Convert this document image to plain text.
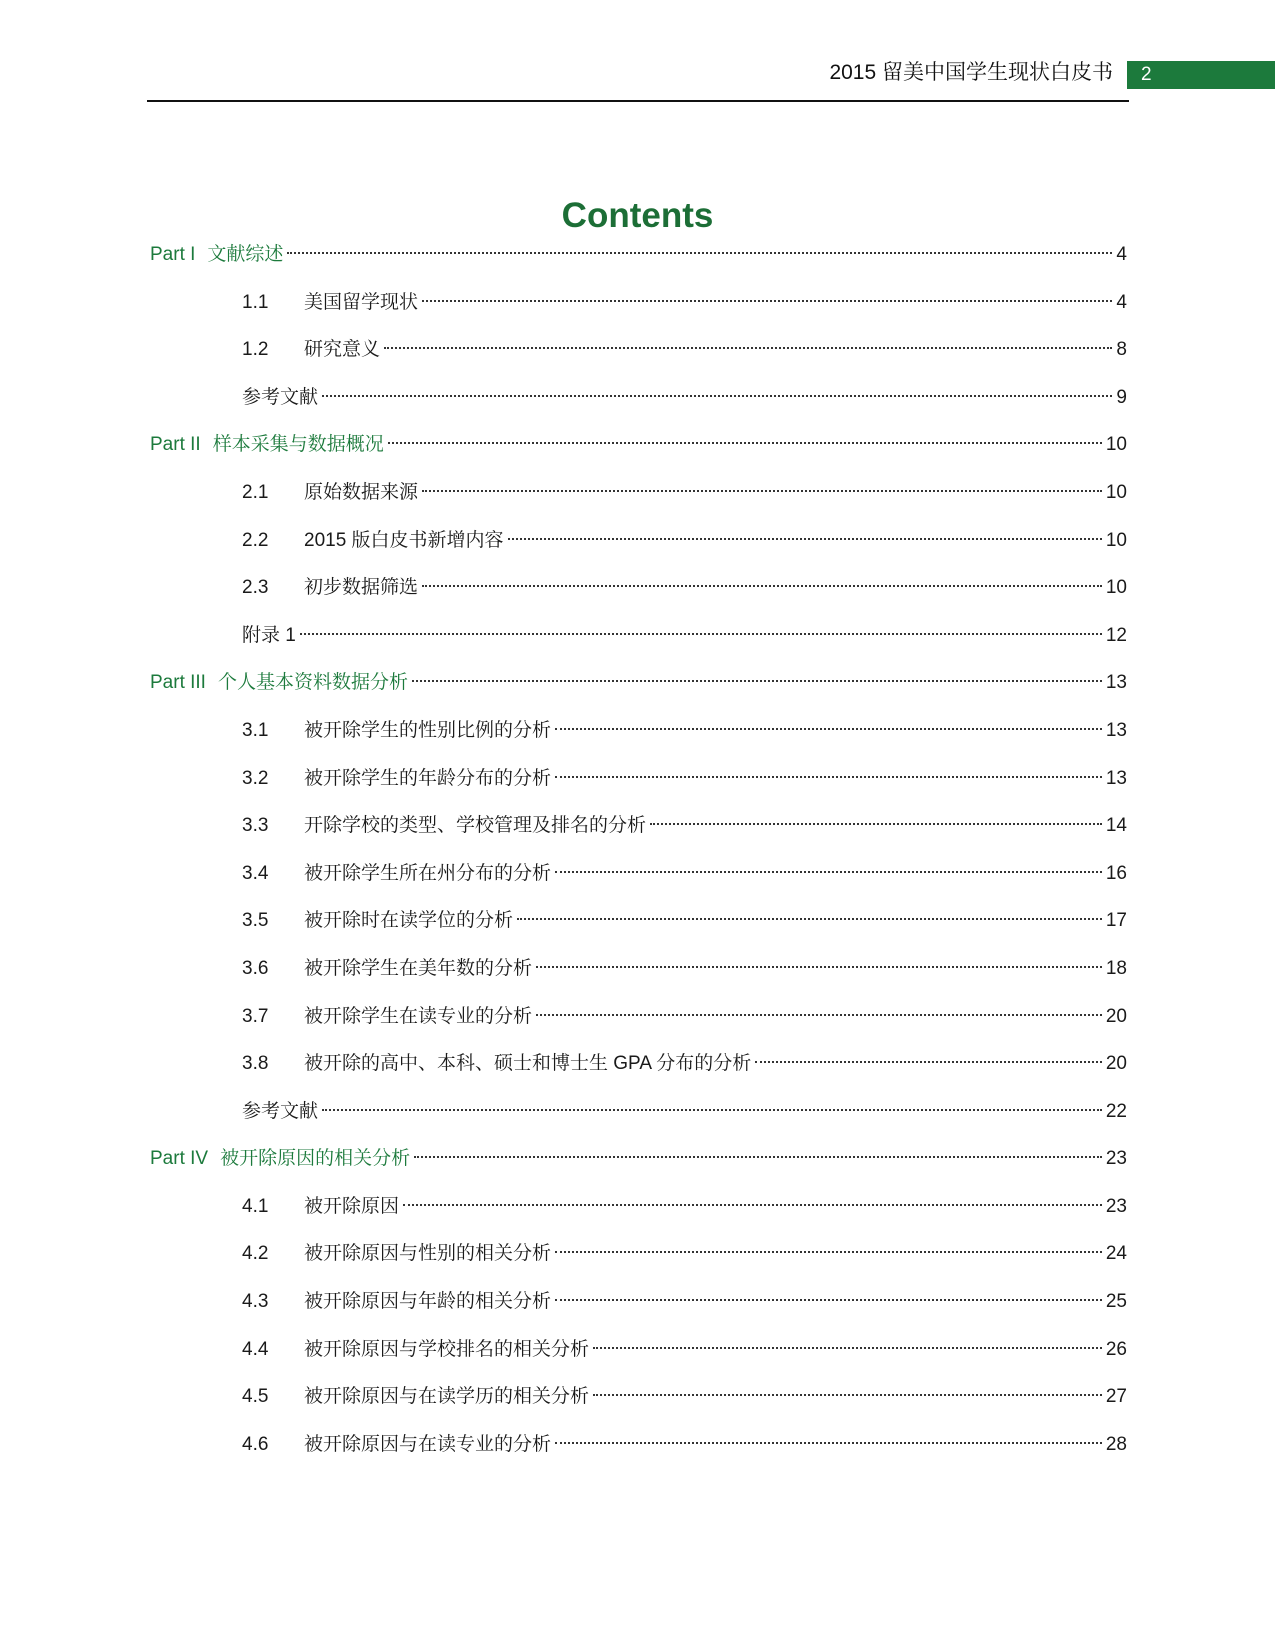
2015 留美中国学生现状白皮书	2
Contents
Part I 文献综述	4
1.1	美国留学现状	4
1.2	研究意义	8
参考文献	9
Part II 样本采集与数据概况	10
2.1	原始数据来源	10
2.2	2015 版白皮书新增内容	10
2.3	初步数据筛选	10
附录 1	12
Part III 个人基本资料数据分析	13
3.1	被开除学生的性别比例的分析	13
3.2	被开除学生的年龄分布的分析	13
3.3	开除学校的类型、学校管理及排名的分析	14
3.4	被开除学生所在州分布的分析	16
3.5	被开除时在读学位的分析	17
3.6	被开除学生在美年数的分析	18
3.7	被开除学生在读专业的分析	20
3.8	被开除的高中、本科、硕士和博士生 GPA 分布的分析	20
参考文献	22
Part IV 被开除原因的相关分析	23
4.1	被开除原因	23
4.2	被开除原因与性别的相关分析	24
4.3	被开除原因与年龄的相关分析	25
4.4	被开除原因与学校排名的相关分析	26
4.5	被开除原因与在读学历的相关分析	27
4.6	被开除原因与在读专业的分析	28
